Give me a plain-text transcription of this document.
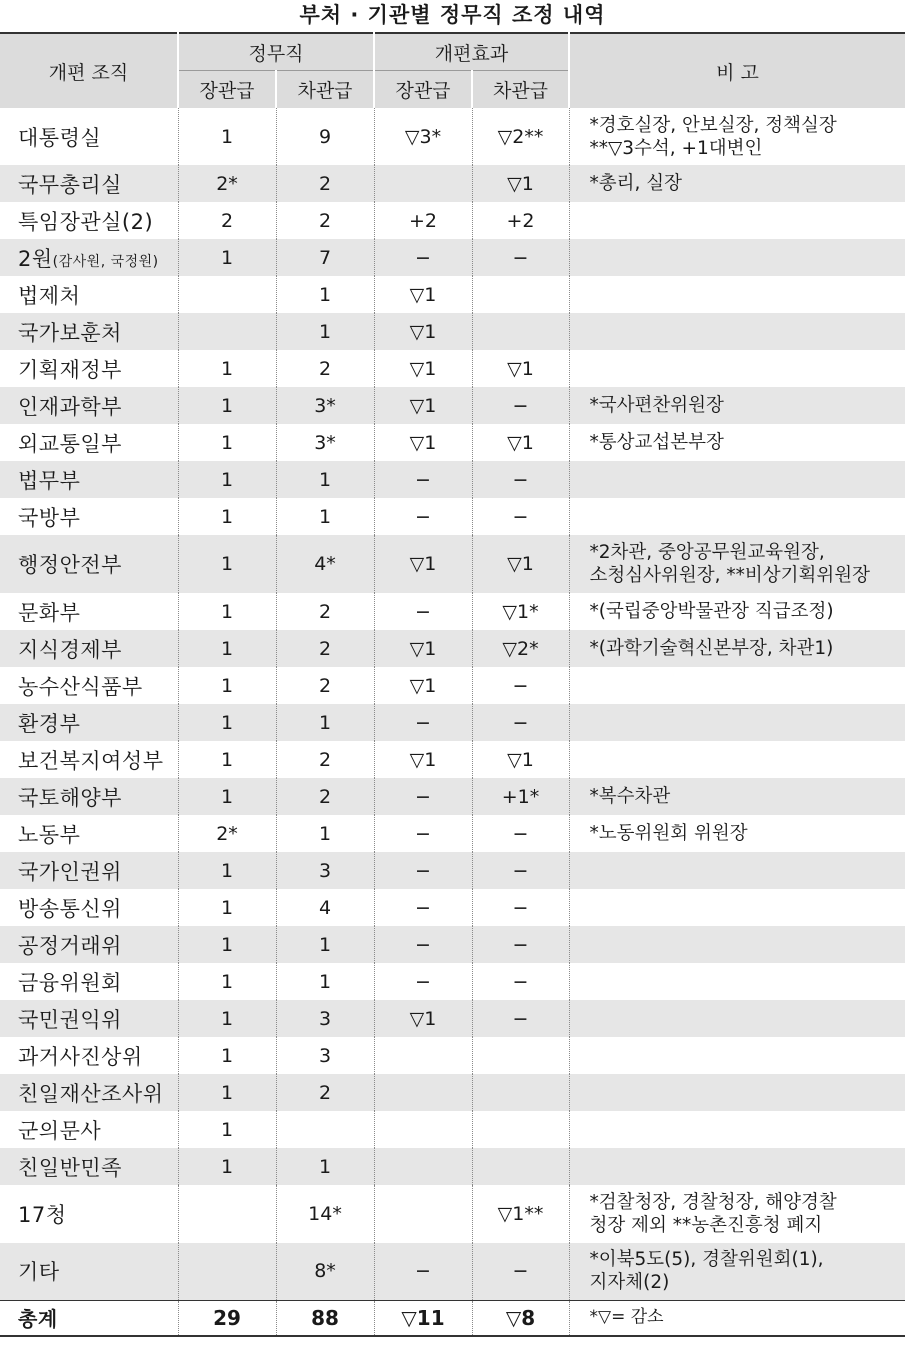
부처 · 기관별 정무직 조정 내역
개편 조직	정무직		개편효과		비 고
	장관급	차관급	장관급	차관급	
대통령실	1	9	▽3*	▽2**	*경호실장, 안보실장, 정책실장
**▽3수석, +1대변인

국무총리실	2*	2		▽1	*총리, 실장

특임장관실(2)	2	2	+2	+2	

2원(감사원, 국정원)	1	7	−	−	

법제처		1	▽1		

국가보훈처		1	▽1		

기획재정부	1	2	▽1	▽1	

인재과학부	1	3*	▽1	−	*국사편찬위원장

외교통일부	1	3*	▽1	▽1	*통상교섭본부장

법무부	1	1	−	−	

국방부	1	1	−	−	

행정안전부	1	4*	▽1	▽1	*2차관, 중앙공무원교육원장,
소청심사위원장, **비상기획위원장

문화부	1	2	−	▽1*	*(국립중앙박물관장 직급조정)

지식경제부	1	2	▽1	▽2*	*(과학기술혁신본부장, 차관1)

농수산식품부	1	2	▽1	−	

환경부	1	1	−	−	

보건복지여성부	1	2	▽1	▽1	

국토해양부	1	2	−	+1*	*복수차관

노동부	2*	1	−	−	*노동위원회 위원장

국가인권위	1	3	−	−	

방송통신위	1	4	−	−	

공정거래위	1	1	−	−	

금융위원회	1	1	−	−	

국민권익위	1	3	▽1	−	

과거사진상위	1	3			

친일재산조사위	1	2			

군의문사	1				

친일반민족	1	1			

17청		14*		▽1**	*검찰청장, 경찰청장, 해양경찰
청장 제외 **농촌진흥청 폐지

기타		8*	−	−	*이북5도(5), 경찰위원회(1),
지자체(2)

총계	29	88	▽11	▽8	*▽= 감소
